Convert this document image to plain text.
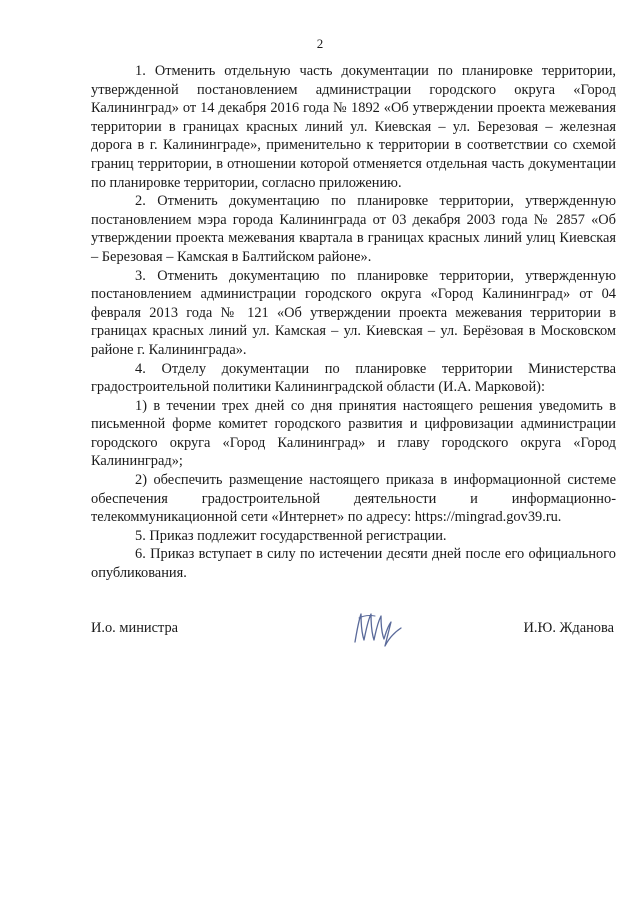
2

1. Отменить отдельную часть документации по планировке территории, утвержденной постановлением администрации городского округа «Город Калининград» от 14 декабря 2016 года № 1892 «Об утверждении проекта межевания территории в границах красных линий ул. Киевская – ул. Березовая – железная дорога в г. Калининграде», применительно к территории в соответствии со схемой границ территории, в отношении которой отменяется отдельная часть документации по планировке территории, согласно приложению.

2. Отменить документацию по планировке территории, утвержденную постановлением мэра города Калининграда от 03 декабря 2003 года № 2857 «Об утверждении проекта межевания квартала в границах красных линий улиц Киевская – Березовая – Камская в Балтийском районе».

3. Отменить документацию по планировке территории, утвержденную постановлением администрации городского округа «Город Калининград» от 04 февраля 2013 года № 121 «Об утверждении проекта межевания территории в границах красных линий ул. Камская – ул. Киевская – ул. Берёзовая в Московском районе г. Калининграда».

4. Отделу документации по планировке территории Министерства градостроительной политики Калининградской области (И.А. Марковой):

1) в течении трех дней со дня принятия настоящего решения уведомить в письменной форме комитет городского развития и цифровизации администрации городского округа «Город Калининград» и главу городского округа «Город Калининград»;

2) обеспечить размещение настоящего приказа в информационной системе обеспечения градостроительной деятельности и информационно-телекоммуникационной сети «Интернет» по адресу: https://mingrad.gov39.ru.

5. Приказ подлежит государственной регистрации.

6. Приказ вступает в силу по истечении десяти дней после его официального опубликования.

И.о. министра	И.Ю. Жданова
